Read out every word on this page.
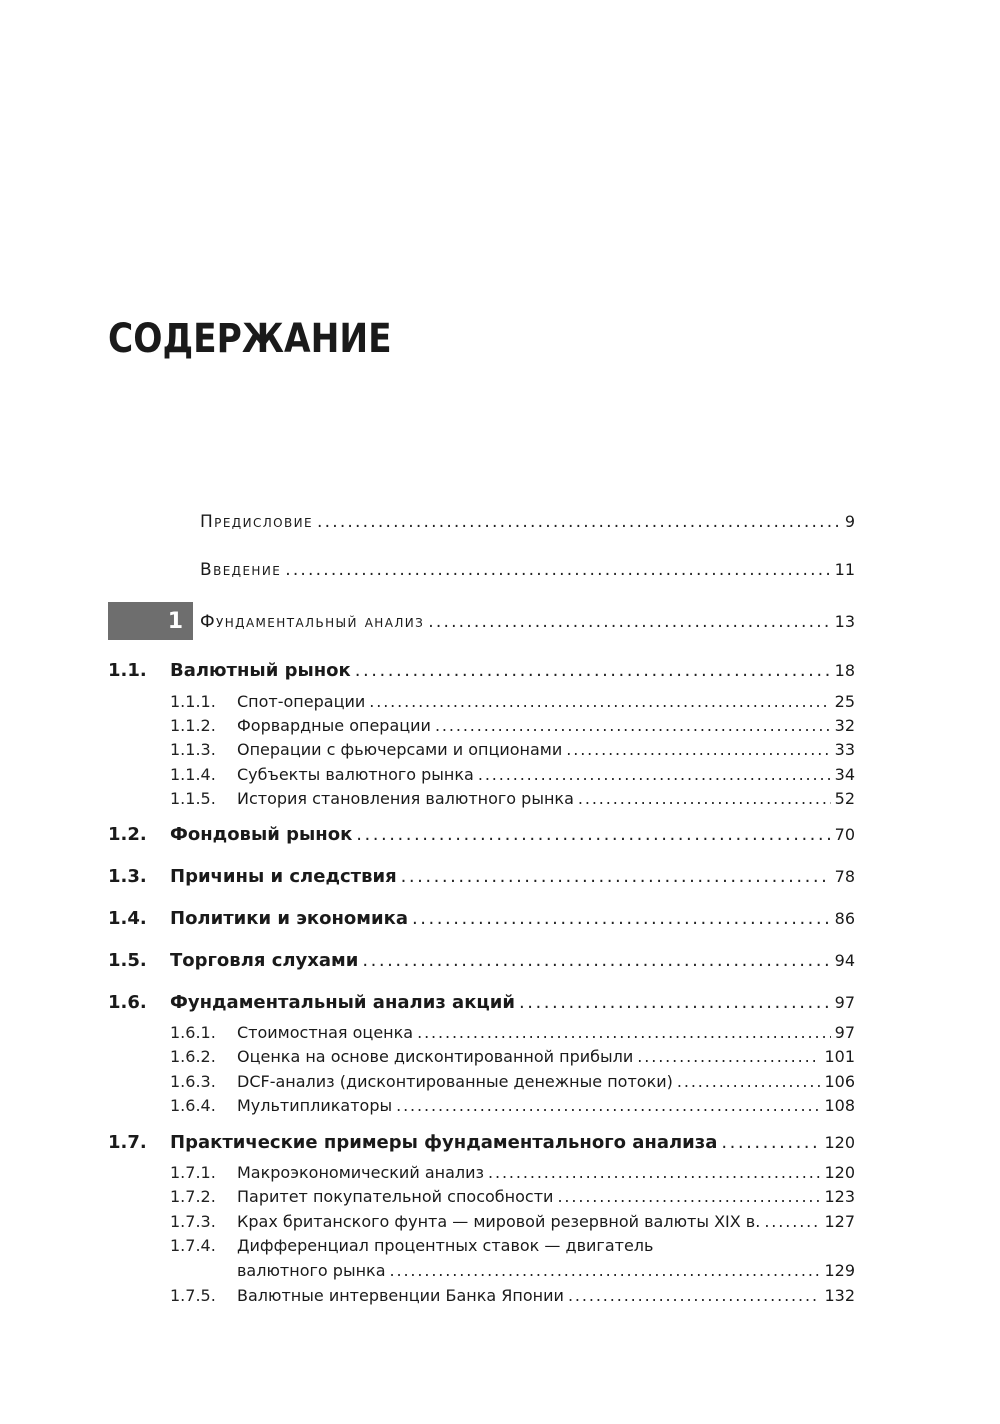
СОДЕРЖАНИЕ
Предисловие . . .	9
Введение . . .	11
1	Фундаментальный анализ . . .	13
1.1. Валютный рынок . . .	18
1.1.1. Спот-операции . . .	25
1.1.2. Форвардные операции . . .	32
1.1.3. Операции с фьючерсами и опционами . . .	33
1.1.4. Субъекты валютного рынка . . .	34
1.1.5. История становления валютного рынка . . .	52
1.2. Фондовый рынок . . .	70
1.3. Причины и следствия . . .	78
1.4. Политики и экономика . . .	86
1.5. Торговля слухами . . .	94
1.6. Фундаментальный анализ акций . . .	97
1.6.1. Стоимостная оценка . . .	97
1.6.2. Оценка на основе дисконтированной прибыли . . .	101
1.6.3. DCF-анализ (дисконтированные денежные потоки) . . .	106
1.6.4. Мультипликаторы . . .	108
1.7. Практические примеры фундаментального анализа . . .	120
1.7.1. Макроэкономический анализ . . .	120
1.7.2. Паритет покупательной способности . . .	123
1.7.3. Крах британского фунта — мировой резервной валюты XIX в. . . .	127
1.7.4. Дифференциал процентных ставок — двигатель
валютного рынка . . .	129
1.7.5. Валютные интервенции Банка Японии . . .	132
